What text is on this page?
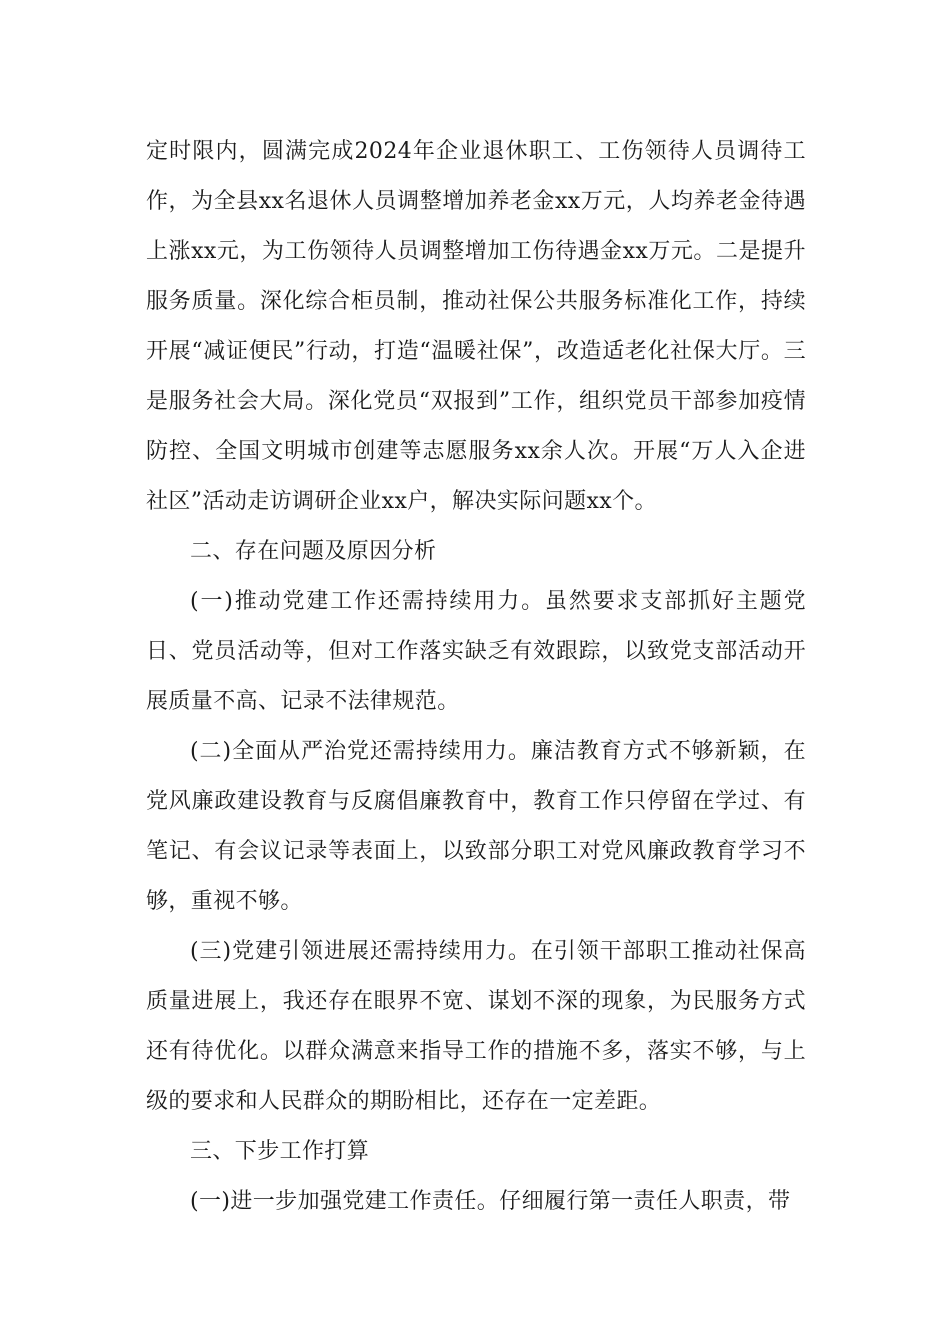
定时限内，圆满完成2024年企业退休职工、工伤领待人员调待工作，为全县xx名退休人员调整增加养老金xx万元，人均养老金待遇上涨xx元，为工伤领待人员调整增加工伤待遇金xx万元。二是提升服务质量。深化综合柜员制，推动社保公共服务标准化工作，持续开展“减证便民”行动，打造“温暖社保”，改造适老化社保大厅。三是服务社会大局。深化党员“双报到”工作，组织党员干部参加疫情防控、全国文明城市创建等志愿服务xx余人次。开展“万人入企进社区”活动走访调研企业xx户，解决实际问题xx个。

二、存在问题及原因分析

(一)推动党建工作还需持续用力。虽然要求支部抓好主题党日、党员活动等，但对工作落实缺乏有效跟踪，以致党支部活动开展质量不高、记录不法律规范。

(二)全面从严治党还需持续用力。廉洁教育方式不够新颖，在党风廉政建设教育与反腐倡廉教育中，教育工作只停留在学过、有笔记、有会议记录等表面上，以致部分职工对党风廉政教育学习不够，重视不够。

(三)党建引领进展还需持续用力。在引领干部职工推动社保高质量进展上，我还存在眼界不宽、谋划不深的现象，为民服务方式还有待优化。以群众满意来指导工作的措施不多，落实不够，与上级的要求和人民群众的期盼相比，还存在一定差距。

三、下步工作打算

(一)进一步加强党建工作责任。仔细履行第一责任人职责，带
